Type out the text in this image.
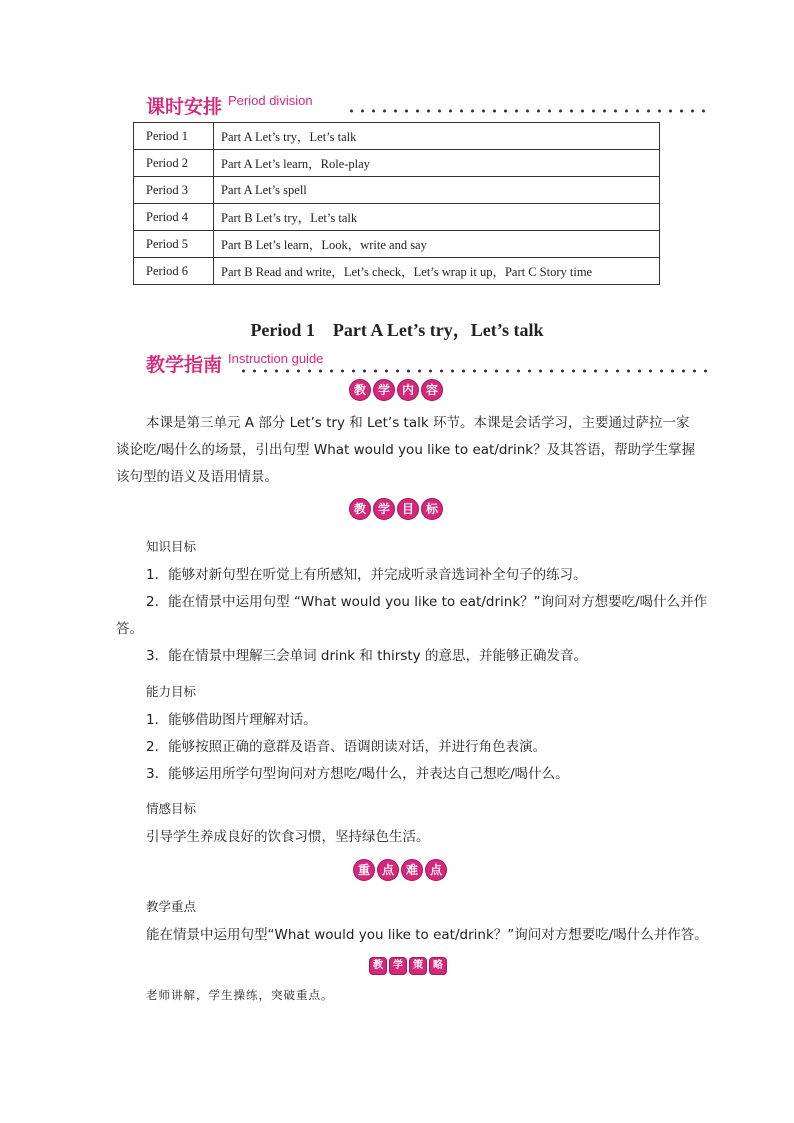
课时安排 Period division
Period 1	Part A Let’s try，Let’s talk
Period 2	Part A Let’s learn，Role-play
Period 3	Part A Let’s spell
Period 4	Part B Let’s try，Let’s talk
Period 5	Part B Let’s learn，Look，write and say
Period 6	Part B Read and write，Let’s check，Let’s wrap it up，Part C Story time
Period 1　Part A Let’s try，Let’s talk
教学指南 Instruction guide
教 学 内 容
本课是第三单元 A 部分 Let’s try 和 Let’s talk 环节。本课是会话学习，主要通过萨拉一家
谈论吃/喝什么的场景，引出句型 What would you like to eat/drink？及其答语，帮助学生掌握
该句型的语义及语用情景。
教 学 目 标
知识目标
1．能够对新句型在听觉上有所感知，并完成听录音选词补全句子的练习。
2．能在情景中运用句型 “What would you like to eat/drink？”询问对方想要吃/喝什么并作
答。
3．能在情景中理解三会单词 drink 和 thirsty 的意思，并能够正确发音。
能力目标
1．能够借助图片理解对话。
2．能够按照正确的意群及语音、语调朗读对话，并进行角色表演。
3．能够运用所学句型询问对方想吃/喝什么，并表达自己想吃/喝什么。
情感目标
引导学生养成良好的饮食习惯，坚持绿色生活。
重 点 难 点
教学重点
能在情景中运用句型“What would you like to eat/drink？”询问对方想要吃/喝什么并作答。
教	学	策	略
老师讲解，学生操练，突破重点。
